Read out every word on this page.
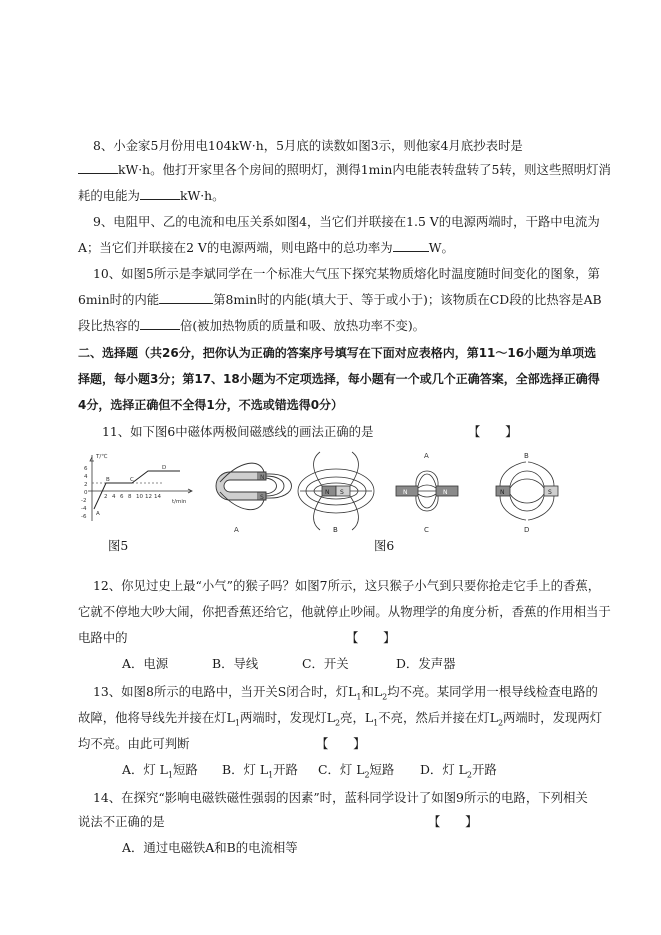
8、小金家5月份用电104kW·h，5月底的读数如图3示，则他家4月底抄表时是
kW·h。他打开家里各个房间的照明灯，测得1min内电能表转盘转了5转，则这些照明灯消
耗的电能为	kW·h。
9、电阻甲、乙的电流和电压关系如图4，当它们并联接在1.5 V的电源两端时，干路中电流为
A；当它们并联接在2 V的电源两端，则电路中的总功率为	W。
10、如图5所示是李斌同学在一个标准大气压下探究某物质熔化时温度随时间变化的图象，第
6min时的内能	第8min时的内能(填大于、等于或小于)；该物质在CD段的比热容是AB
段比热容的	倍(被加热物质的质量和吸、放热功率不变)。
二、选择题（共26分，把你认为正确的答案序号填写在下面对应表格内，第11～16小题为单项选
择题，每小题3分；第17、18小题为不定项选择，每小题有一个或几个正确答案，全部选择正确得
4分，选择正确但不全得1分，不选或错选得0分）
11、如下图6中磁体两极间磁感线的画法正确的是	【　　】
T/℃
t/min
6
4
2
0
-2
-4
-6
2 4 6 8 10 12 14
A
B	C
D
图5
N
S
A
N S
B
N	N
A
C
N	S
B
D
图6
12、你见过史上最“小气”的猴子吗？如图7所示，这只猴子小气到只要你抢走它手上的香蕉，
它就不停地大吵大闹，你把香蕉还给它，他就停止吵闹。从物理学的角度分析，香蕉的作用相当于
电路中的	【　　】
A．电源	B．导线	C．开关	D．发声器
13、如图8所示的电路中，当开关S闭合时，灯$L_1$和$L_2$均不亮。某同学用一根导线检查电路的
故障，他将导线先并接在灯$L_1$两端时，发现灯$L_2$亮，$L_1$不亮，然后并接在灯$L_2$两端时，发现两灯
均不亮。由此可判断	【　　】
A．灯 $L_1$短路 B．灯 $L_1$开路 C．灯 $L_2$短路 D．灯 $L_2$开路
14、在探究“影响电磁铁磁性强弱的因素”时，蓝科同学设计了如图9所示的电路，下列相关
说法不正确的是	【　　】
A．通过电磁铁A和B的电流相等
